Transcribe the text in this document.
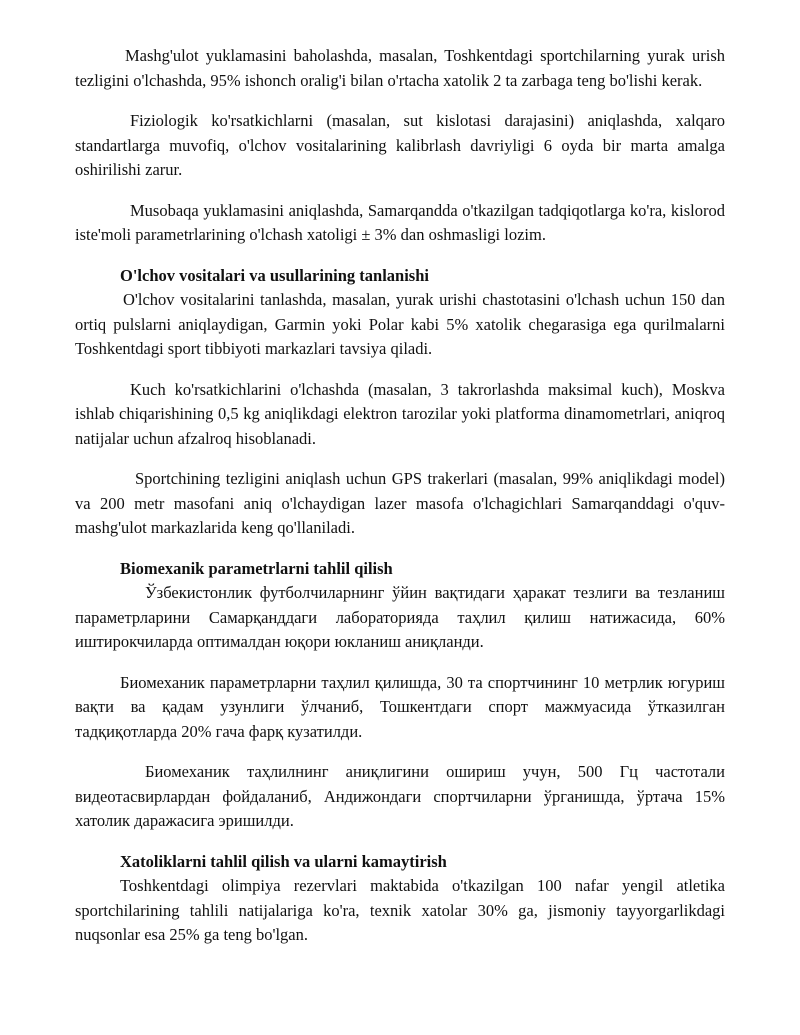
Mashg'ulot yuklamasini baholashda, masalan, Toshkentdagi sportchilarning yurak urish tezligini o'lchashda, 95% ishonch oralig'i bilan o'rtacha xatolik 2 ta zarbaga teng bo'lishi kerak.

Fiziologik ko'rsatkichlarni (masalan, sut kislotasi darajasini) aniqlashda, xalqaro standartlarga muvofiq, o'lchov vositalarining kalibrlash davriyligi 6 oyda bir marta amalga oshirilishi zarur.

Musobaqa yuklamasini aniqlashda, Samarqandda o'tkazilgan tadqiqotlarga ko'ra, kislorod iste'moli parametrlarining o'lchash xatoligi ± 3% dan oshmasligi lozim.

O'lchov vositalari va usullarining tanlanishi

O'lchov vositalarini tanlashda, masalan, yurak urishi chastotasini o'lchash uchun 150 dan ortiq pulslarni aniqlaydigan, Garmin yoki Polar kabi 5% xatolik chegarasiga ega qurilmalarni Toshkentdagi sport tibbiyoti markazlari tavsiya qiladi.

Kuch ko'rsatkichlarini o'lchashda (masalan, 3 takrorlashda maksimal kuch), Moskva ishlab chiqarishining 0,5 kg aniqlikdagi elektron tarozilar yoki platforma dinamometrlari, aniqroq natijalar uchun afzalroq hisoblanadi.

Sportchining tezligini aniqlash uchun GPS trakerlari (masalan, 99% aniqlikdagi model) va 200 metr masofani aniq o'lchaydigan lazer masofa o'lchagichlari Samarqanddagi o'quv-mashg'ulot markazlarida keng qo'llaniladi.

Biomexanik parametrlarni tahlil qilish

Ўзбекистонлик футболчиларнинг ўйин вақтидаги ҳаракат тезлиги ва тезланиш параметрларини Самарқанддаги лабораторияда таҳлил қилиш натижасида, 60% иштирокчиларда оптималдан юқори юкланиш аниқланди.

Биомеханик параметрларни таҳлил қилишда, 30 та спортчининг 10 метрлик югуриш вақти ва қадам узунлиги ўлчаниб, Тошкентдаги спорт мажмуасида ўтказилган тадқиқотларда 20% гача фарқ кузатилди.

Биомеханик таҳлилнинг аниқлигини ошириш учун, 500 Гц частотали видеотасвирлардан фойдаланиб, Андижондаги спортчиларни ўрганишда, ўртача 15% хатолик даражасига эришилди.

Xatoliklarni tahlil qilish va ularni kamaytirish

Toshkentdagi olimpiya rezervlari maktabida o'tkazilgan 100 nafar yengil atletika sportchilarining tahlili natijalariga ko'ra, texnik xatolar 30% ga, jismoniy tayyorgarlikdagi nuqsonlar esa 25% ga teng bo'lgan.
